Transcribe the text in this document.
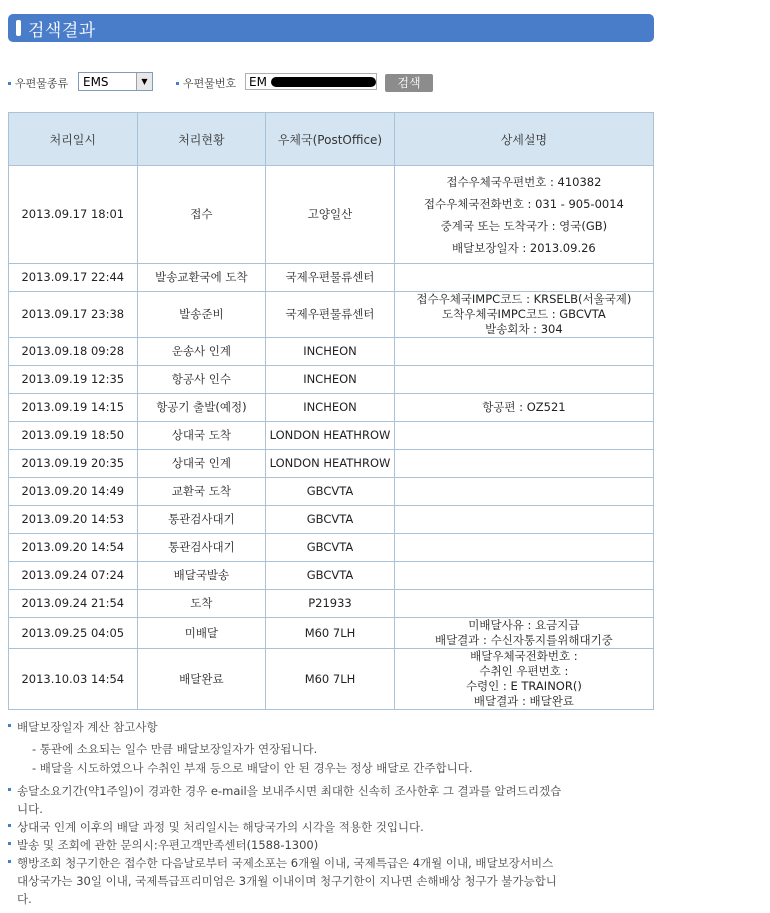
검색결과
우편물종류	EMS	▼	우편물번호
EM	검색
처리일시	처리현황	우체국(PostOffice)	상세설명
2013.09.17 18:01	접수	고양일산	접수우체국우편번호 : 410382
접수우체국전화번호 : 031 - 905-0014
중계국 또는 도착국가 : 영국(GB)
배달보장일자 : 2013.09.26

2013.09.17 22:44	발송교환국에 도착	국제우편물류센터	
2013.09.17 23:38	발송준비	국제우편물류센터	접수우체국IMPC코드 : KRSELB(서울국제)
도착우체국IMPC코드 : GBCVTA
발송회차 : 304

2013.09.18 09:28	운송사 인계	INCHEON	
2013.09.19 12:35	항공사 인수	INCHEON	
2013.09.19 14:15	항공기 출발(예정)	INCHEON	항공편 : OZ521

2013.09.19 18:50	상대국 도착	LONDON HEATHROW	
2013.09.19 20:35	상대국 인계	LONDON HEATHROW	
2013.09.20 14:49	교환국 도착	GBCVTA	
2013.09.20 14:53	통관검사대기	GBCVTA	
2013.09.20 14:54	통관검사대기	GBCVTA	
2013.09.24 07:24	배달국발송	GBCVTA	
2013.09.24 21:54	도착	P21933	
2013.09.25 04:05	미배달	M60 7LH	미배달사유 : 요금지급
배달결과 : 수신자통지를위해대기중

2013.10.03 14:54	배달완료	M60 7LH	배달우체국전화번호 :
수취인 우편번호 :
수령인 : E TRAINOR()
배달결과 : 배달완료
배달보장일자 계산 참고사항
- 통관에 소요되는 일수 만큼 배달보장일자가 연장됩니다.
- 배달을 시도하였으나 수취인 부재 등으로 배달이 안 된 경우는 정상 배달로 간주합니다.
송달소요기간(약1주일)이 경과한 경우 e-mail을 보내주시면 최대한 신속히 조사한후 그 결과를 알려드리겠습
니다.
상대국 인계 이후의 배달 과정 및 처리일시는 해당국가의 시각을 적용한 것입니다.
발송 및 조회에 관한 문의시:우편고객만족센터(1588-1300)
행방조회 청구기한은 접수한 다음날로부터 국제소포는 6개월 이내, 국제특급은 4개월 이내, 배달보장서비스
대상국가는 30일 이내, 국제특급프리미엄은 3개월 이내이며 청구기한이 지나면 손해배상 청구가 불가능합니
다.
